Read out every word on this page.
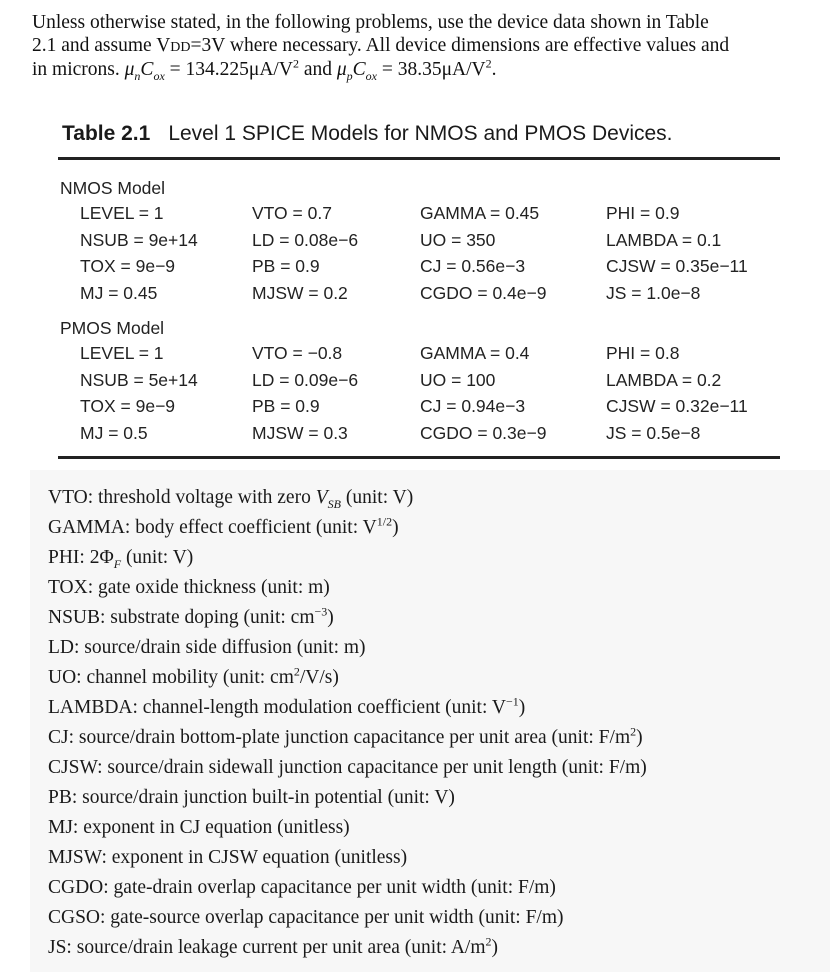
Unless otherwise stated, in the following problems, use the device data shown in Table
2.1 and assume VDD=3V where necessary. All device dimensions are effective values and
in microns. $\mu_nC_{ox} = 134.225\mu A/V^2$ and $\mu_pC_{ox} = 38.35\mu A/V^2$.
Table 2.1 Level 1 SPICE Models for NMOS and PMOS Devices.
NMOS Model
LEVEL = 1	VTO = 0.7	GAMMA = 0.45	PHI = 0.9
NSUB = 9e+14	LD = 0.08e−6	UO = 350	LAMBDA = 0.1
TOX = 9e−9	PB = 0.9	CJ = 0.56e−3	CJSW = 0.35e−11
MJ = 0.45	MJSW = 0.2	CGDO = 0.4e−9	JS = 1.0e−8
PMOS Model
LEVEL = 1	VTO = −0.8	GAMMA = 0.4	PHI = 0.8
NSUB = 5e+14	LD = 0.09e−6	UO = 100	LAMBDA = 0.2
TOX = 9e−9	PB = 0.9	CJ = 0.94e−3	CJSW = 0.32e−11
MJ = 0.5	MJSW = 0.3	CGDO = 0.3e−9	JS = 0.5e−8
VTO: threshold voltage with zero $V_{SB}$ (unit: V)
GAMMA: body effect coefficient (unit: $V^{1/2}$)
PHI: $2\Phi_F$ (unit: V)
TOX: gate oxide thickness (unit: m)
NSUB: substrate doping (unit: $cm^{-3}$)
LD: source/drain side diffusion (unit: m)
UO: channel mobility (unit: $cm^2/V/s$)
LAMBDA: channel-length modulation coefficient (unit: $V^{-1}$)
CJ: source/drain bottom-plate junction capacitance per unit area (unit: $F/m^2$)
CJSW: source/drain sidewall junction capacitance per unit length (unit: F/m)
PB: source/drain junction built-in potential (unit: V)
MJ: exponent in CJ equation (unitless)
MJSW: exponent in CJSW equation (unitless)
CGDO: gate-drain overlap capacitance per unit width (unit: F/m)
CGSO: gate-source overlap capacitance per unit width (unit: F/m)
JS: source/drain leakage current per unit area (unit: $A/m^2$)
